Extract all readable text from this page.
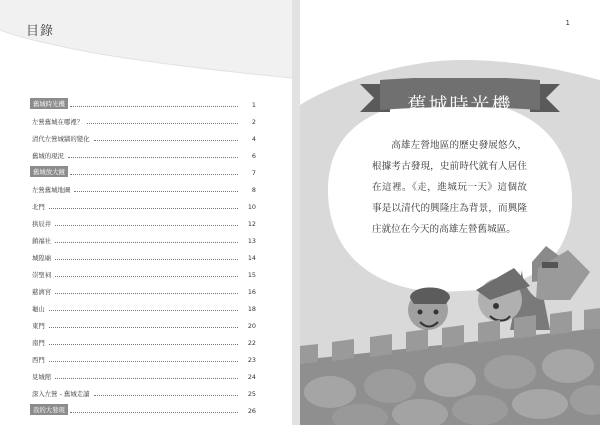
目錄
舊城時光機	1
左營舊城在哪裡？	2
清代左營城牆的變化	4
舊城的現況	6
舊城放大鏡	7
左營舊城地圖	8
北門	10
拱辰井	12
鎮福社	13
城隍廟	14
崇聖祠	15
慈濟宮	16
龜山	18
東門	20
南門	22
西門	23
見城館	24
深入左營 - 舊城走讀	25
我的大發現	26
1
舊城時光機

高雄左營地區的歷史發展悠久，根據考古發現，史前時代就有人居住在這裡。《走，進城玩一天》這個故事是以清代的興隆庄為背景，而興隆庄就位在今天的高雄左營舊城區。
